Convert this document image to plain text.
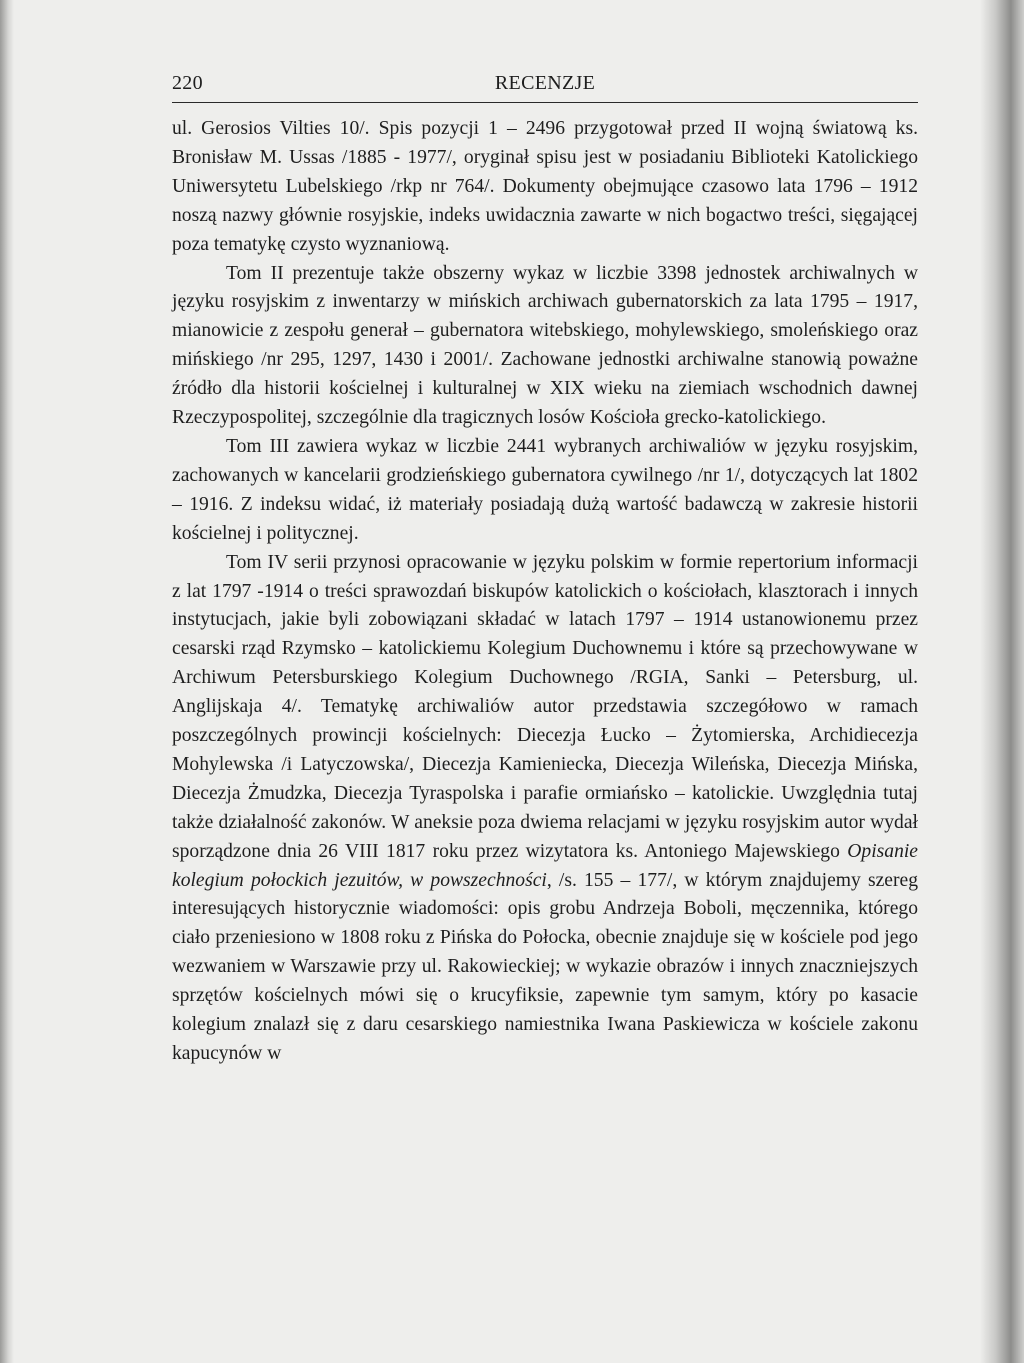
220	RECENZJE

ul. Gerosios Vilties 10/. Spis pozycji 1 – 2496 przygotował przed II wojną światową ks. Bronisław M. Ussas /1885 - 1977/, oryginał spisu jest w posiadaniu Biblioteki Katolickiego Uniwersytetu Lubelskiego /rkp nr 764/. Dokumenty obejmujące czasowo lata 1796 – 1912 noszą nazwy głównie rosyjskie, indeks uwidacznia zawarte w nich bogactwo treści, sięgającej poza tematykę czysto wyznaniową.

Tom II prezentuje także obszerny wykaz w liczbie 3398 jednostek archiwalnych w języku rosyjskim z inwentarzy w mińskich archiwach gubernatorskich za lata 1795 – 1917, mianowicie z zespołu generał – gubernatora witebskiego, mohylewskiego, smoleńskiego oraz mińskiego /nr 295, 1297, 1430 i 2001/. Zachowane jednostki archiwalne stanowią poważne źródło dla historii kościelnej i kulturalnej w XIX wieku na ziemiach wschodnich dawnej Rzeczypospolitej, szczególnie dla tragicznych losów Kościoła grecko-katolickiego.

Tom III zawiera wykaz w liczbie 2441 wybranych archiwaliów w języku rosyjskim, zachowanych w kancelarii grodzieńskiego gubernatora cywilnego /nr 1/, dotyczących lat 1802 – 1916. Z indeksu widać, iż materiały posiadają dużą wartość badawczą w zakresie historii kościelnej i politycznej.

Tom IV serii przynosi opracowanie w języku polskim w formie repertorium informacji z lat 1797 -1914 o treści sprawozdań biskupów katolickich o kościołach, klasztorach i innych instytucjach, jakie byli zobowiązani składać w latach 1797 – 1914 ustanowionemu przez cesarski rząd Rzymsko – katolickiemu Kolegium Duchownemu i które są przechowywane w Archiwum Petersburskiego Kolegium Duchownego /RGIA, Sanki – Petersburg, ul. Anglijskaja 4/. Tematykę archiwaliów autor przedstawia szczegółowo w ramach poszczególnych prowincji kościelnych: Diecezja Łucko – Żytomierska, Archidiecezja Mohylewska /i Latyczowska/, Diecezja Kamieniecka, Diecezja Wileńska, Diecezja Mińska, Diecezja Żmudzka, Diecezja Tyraspolska i parafie ormiańsko – katolickie. Uwzględnia tutaj także działalność zakonów. W aneksie poza dwiema relacjami w języku rosyjskim autor wydał sporządzone dnia 26 VIII 1817 roku przez wizytatora ks. Antoniego Majewskiego Opisanie kolegium połockich jezuitów, w powszechności, /s. 155 – 177/, w którym znajdujemy szereg interesujących historycznie wiadomości: opis grobu Andrzeja Boboli, męczennika, którego ciało przeniesiono w 1808 roku z Pińska do Połocka, obecnie znajduje się w kościele pod jego wezwaniem w Warszawie przy ul. Rakowieckiej; w wykazie obrazów i innych znaczniejszych sprzętów kościelnych mówi się o krucyfiksie, zapewnie tym samym, który po kasacie kolegium znalazł się z daru cesarskiego namiestnika Iwana Paskiewicza w kościele zakonu kapucynów w
